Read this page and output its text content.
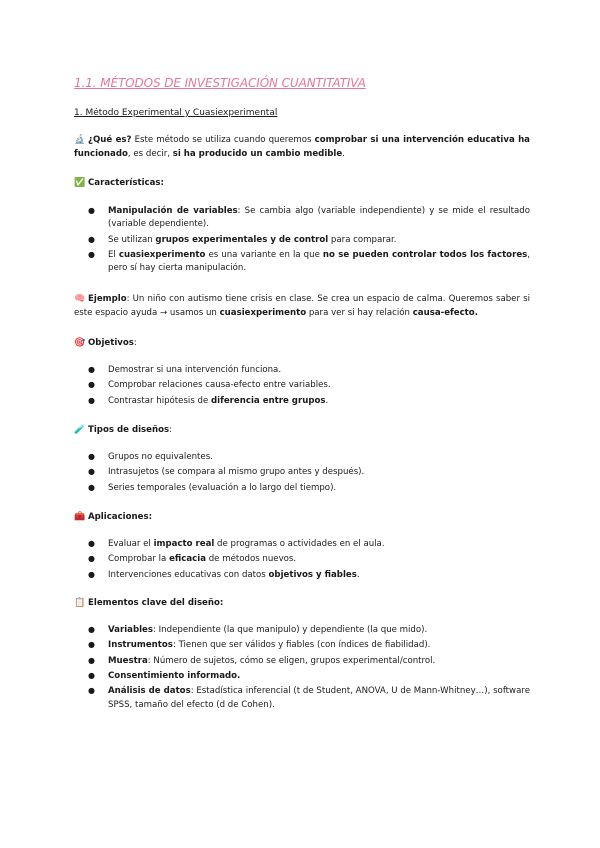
1.1. MÉTODOS DE INVESTIGACIÓN CUANTITATIVA
1. Método Experimental y Cuasiexperimental
🔬 ¿Qué es? Este método se utiliza cuando queremos comprobar si una intervención educativa ha funcionado, es decir, si ha producido un cambio medible.
✅ Características:
● Manipulación de variables: Se cambia algo (variable independiente) y se mide el resultado (variable dependiente).
● Se utilizan grupos experimentales y de control para comparar.
● El cuasiexperimento es una variante en la que no se pueden controlar todos los factores, pero sí hay cierta manipulación.
🧠 Ejemplo: Un niño con autismo tiene crisis en clase. Se crea un espacio de calma. Queremos saber si este espacio ayuda → usamos un cuasiexperimento para ver si hay relación causa-efecto.
🎯 Objetivos:
● Demostrar si una intervención funciona.
● Comprobar relaciones causa-efecto entre variables.
● Contrastar hipótesis de diferencia entre grupos.
🧪 Tipos de diseños:
● Grupos no equivalentes.
● Intrasujetos (se compara al mismo grupo antes y después).
● Series temporales (evaluación a lo largo del tiempo).
🧰 Aplicaciones:
● Evaluar el impacto real de programas o actividades en el aula.
● Comprobar la eficacia de métodos nuevos.
● Intervenciones educativas con datos objetivos y fiables.
📋 Elementos clave del diseño:
● Variables: Independiente (la que manipulo) y dependiente (la que mido).
● Instrumentos: Tienen que ser válidos y fiables (con índices de fiabilidad).
● Muestra: Número de sujetos, cómo se eligen, grupos experimental/control.
● Consentimiento informado.
● Análisis de datos: Estadística inferencial (t de Student, ANOVA, U de Mann-Whitney…), software SPSS, tamaño del efecto (d de Cohen).
